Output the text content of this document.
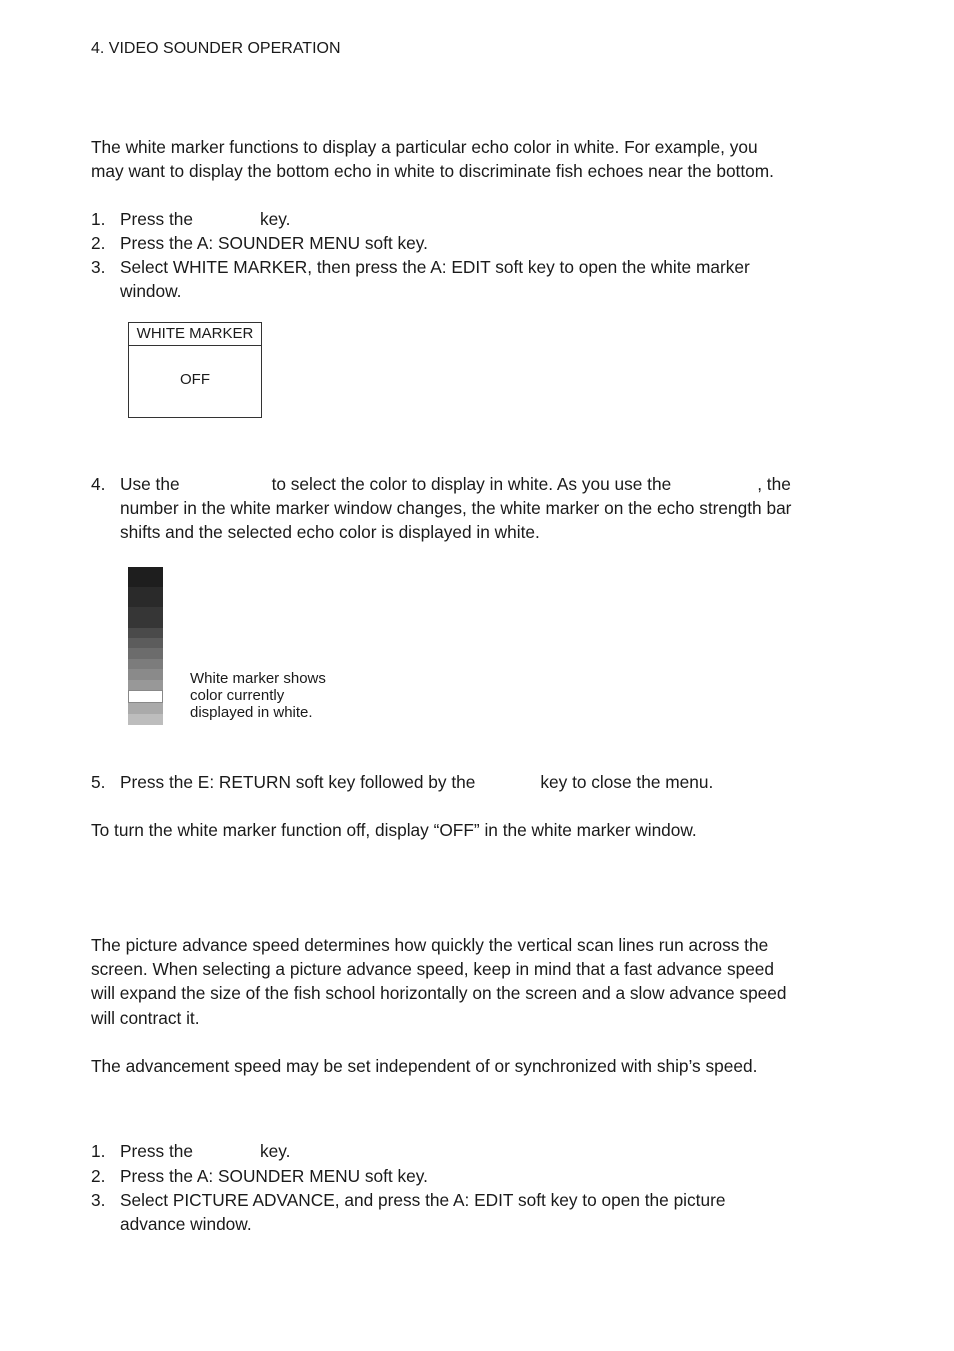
4. VIDEO SOUNDER OPERATION
The white marker functions to display a particular echo color in white. For example, you
may want to display the bottom echo in white to discriminate fish echoes near the bottom.
1. Press the	key.
2. Press the A: SOUNDER MENU soft key.
3. Select WHITE MARKER, then press the A: EDIT soft key to open the white marker
window.
WHITE MARKER
OFF
4. Use the	to select the color to display in white. As you use the	, the
number in the white marker window changes, the white marker on the echo strength bar
shifts and the selected echo color is displayed in white.
White marker shows
color currently
displayed in white.
5. Press the E: RETURN soft key followed by the	key to close the menu.
To turn the white marker function off, display “OFF” in the white marker window.
The picture advance speed determines how quickly the vertical scan lines run across the
screen. When selecting a picture advance speed, keep in mind that a fast advance speed
will expand the size of the fish school horizontally on the screen and a slow advance speed
will contract it.
The advancement speed may be set independent of or synchronized with ship’s speed.
1. Press the	key.
2. Press the A: SOUNDER MENU soft key.
3. Select PICTURE ADVANCE, and press the A: EDIT soft key to open the picture
advance window.
